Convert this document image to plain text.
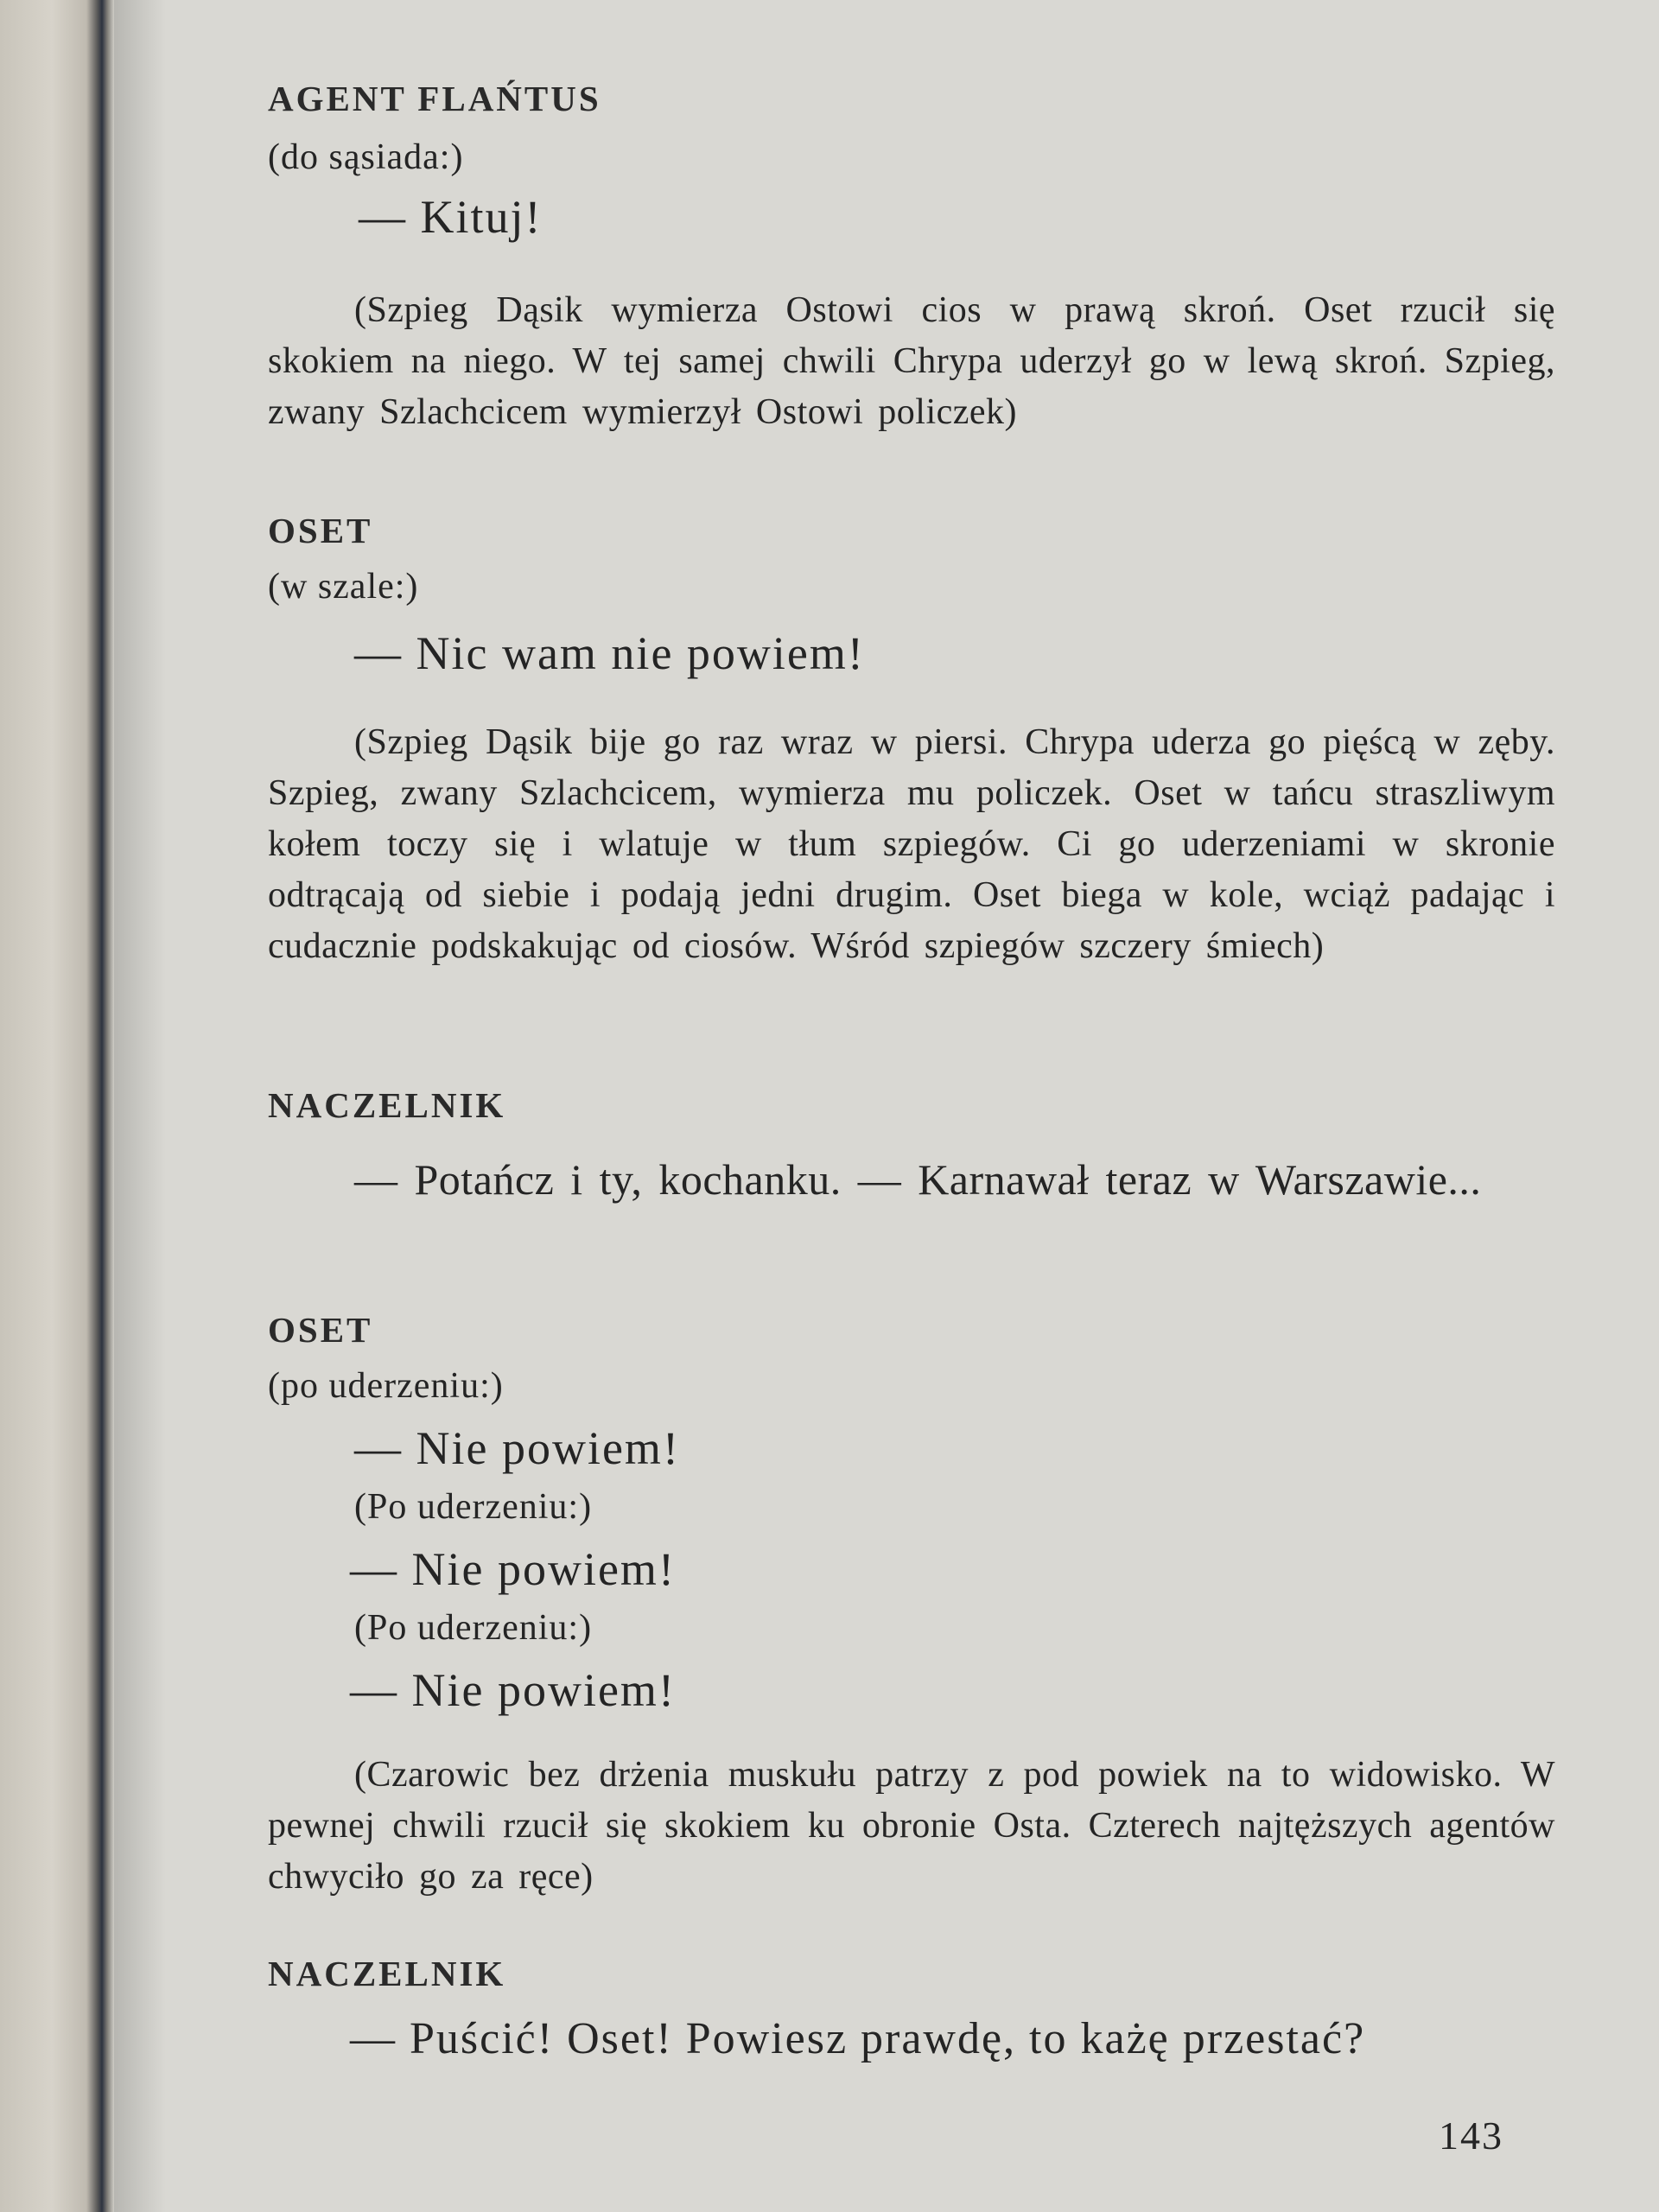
AGENT FLAŃTUS
(do sąsiada:)
— Kituj!

(Szpieg Dąsik wymierza Ostowi cios w prawą skroń. Oset rzucił się skokiem na niego. W tej samej chwili Chrypa uderzył go w lewą skroń. Szpieg, zwany Szlachcicem wymierzył Ostowi policzek)

OSET
(w szale:)
— Nic wam nie powiem!

(Szpieg Dąsik bije go raz wraz w piersi. Chrypa uderza go pięścą w zęby. Szpieg, zwany Szlachcicem, wymierza mu policzek. Oset w tańcu straszliwym kołem toczy się i wlatuje w tłum szpiegów. Ci go uderzeniami w skronie odtrącają od siebie i podają jedni drugim. Oset biega w kole, wciąż padając i cudacznie podskakując od ciosów. Wśród szpiegów szczery śmiech)

NACZELNIK

— Potańcz i ty, kochanku. — Karnawał teraz w Warszawie...

OSET
(po uderzeniu:)
— Nie powiem!
(Po uderzeniu:)
— Nie powiem!
(Po uderzeniu:)
— Nie powiem!

(Czarowic bez drżenia muskułu patrzy z pod powiek na to widowisko. W pewnej chwili rzucił się skokiem ku obronie Osta. Czterech najtęższych agentów chwyciło go za ręce)

NACZELNIK
— Puścić! Oset! Powiesz prawdę, to każę przestać?
143
